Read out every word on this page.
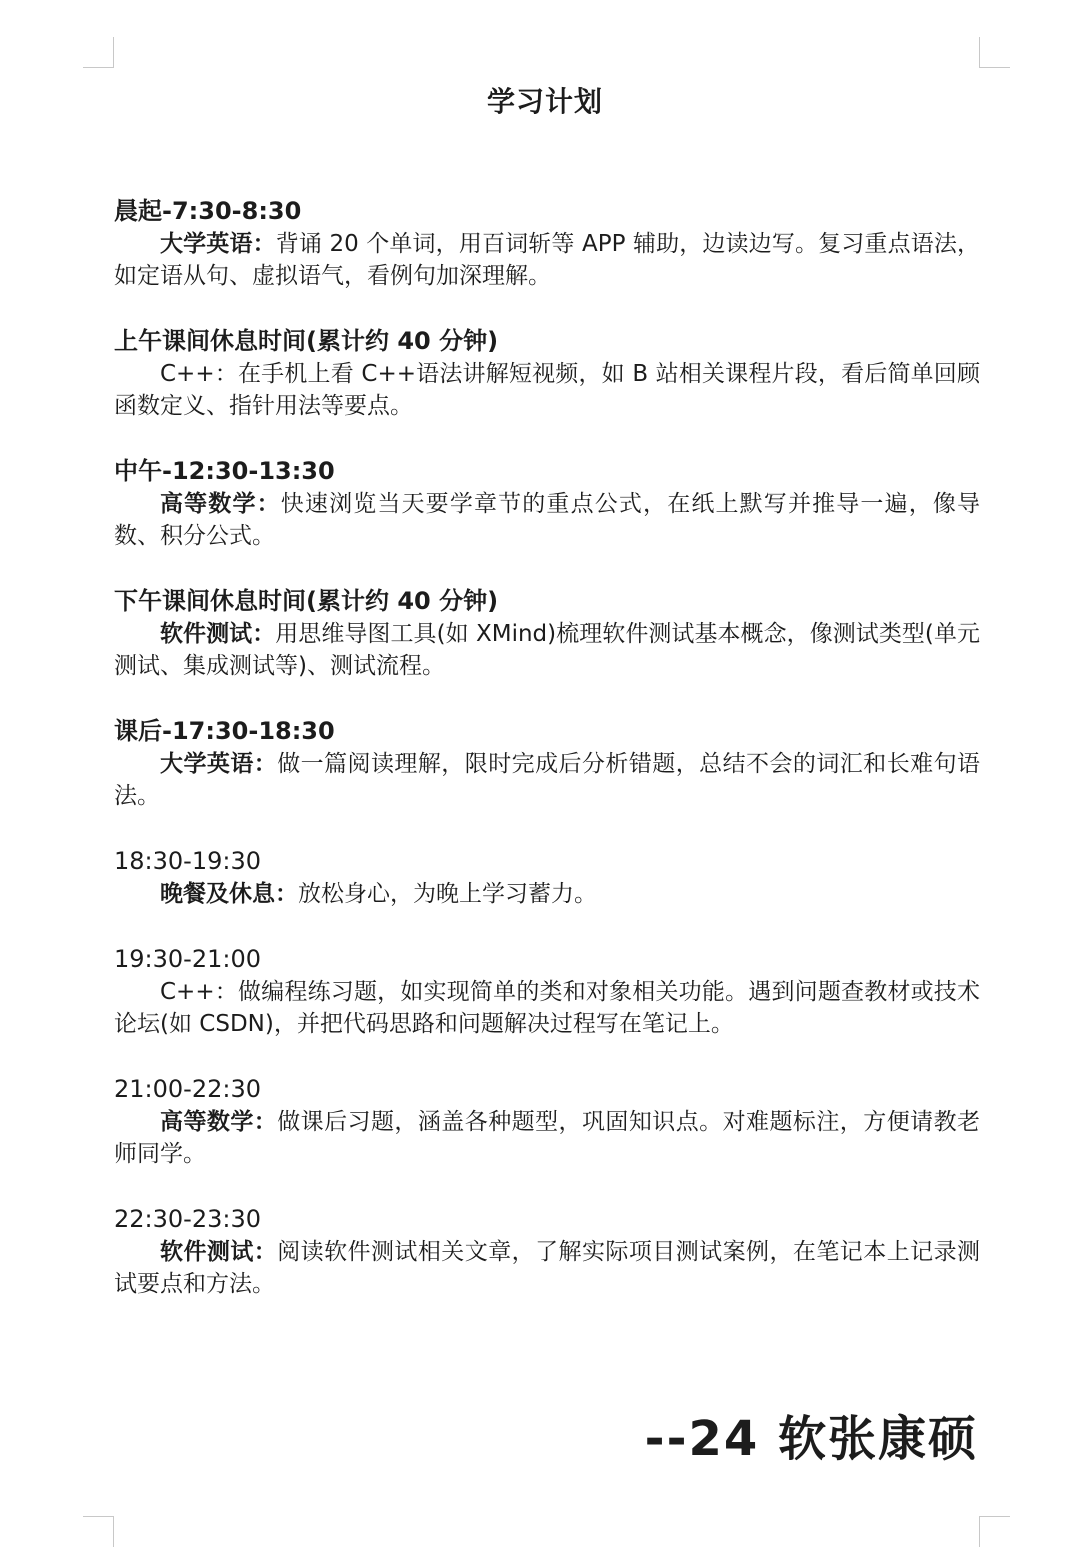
学习计划
晨起-7:30-8:30
大学英语：背诵 20 个单词，用百词斩等 APP 辅助，边读边写。复习重点语法，如定语从句、虚拟语气，看例句加深理解。
上午课间休息时间(累计约 40 分钟)
C++：在手机上看 C++语法讲解短视频，如 B 站相关课程片段，看后简单回顾函数定义、指针用法等要点。
中午-12:30-13:30
高等数学：快速浏览当天要学章节的重点公式，在纸上默写并推导一遍，像导数、积分公式。
下午课间休息时间(累计约 40 分钟)
软件测试：用思维导图工具(如 XMind)梳理软件测试基本概念，像测试类型(单元测试、集成测试等)、测试流程。
课后-17:30-18:30
大学英语：做一篇阅读理解，限时完成后分析错题，总结不会的词汇和长难句语法。
18:30-19:30
晚餐及休息：放松身心，为晚上学习蓄力。
19:30-21:00
C++：做编程练习题，如实现简单的类和对象相关功能。遇到问题查教材或技术论坛(如 CSDN)，并把代码思路和问题解决过程写在笔记上。
21:00-22:30
高等数学：做课后习题，涵盖各种题型，巩固知识点。对难题标注，方便请教老师同学。
22:30-23:30
软件测试：阅读软件测试相关文章，了解实际项目测试案例，在笔记本上记录测试要点和方法。
--24 软张康硕
